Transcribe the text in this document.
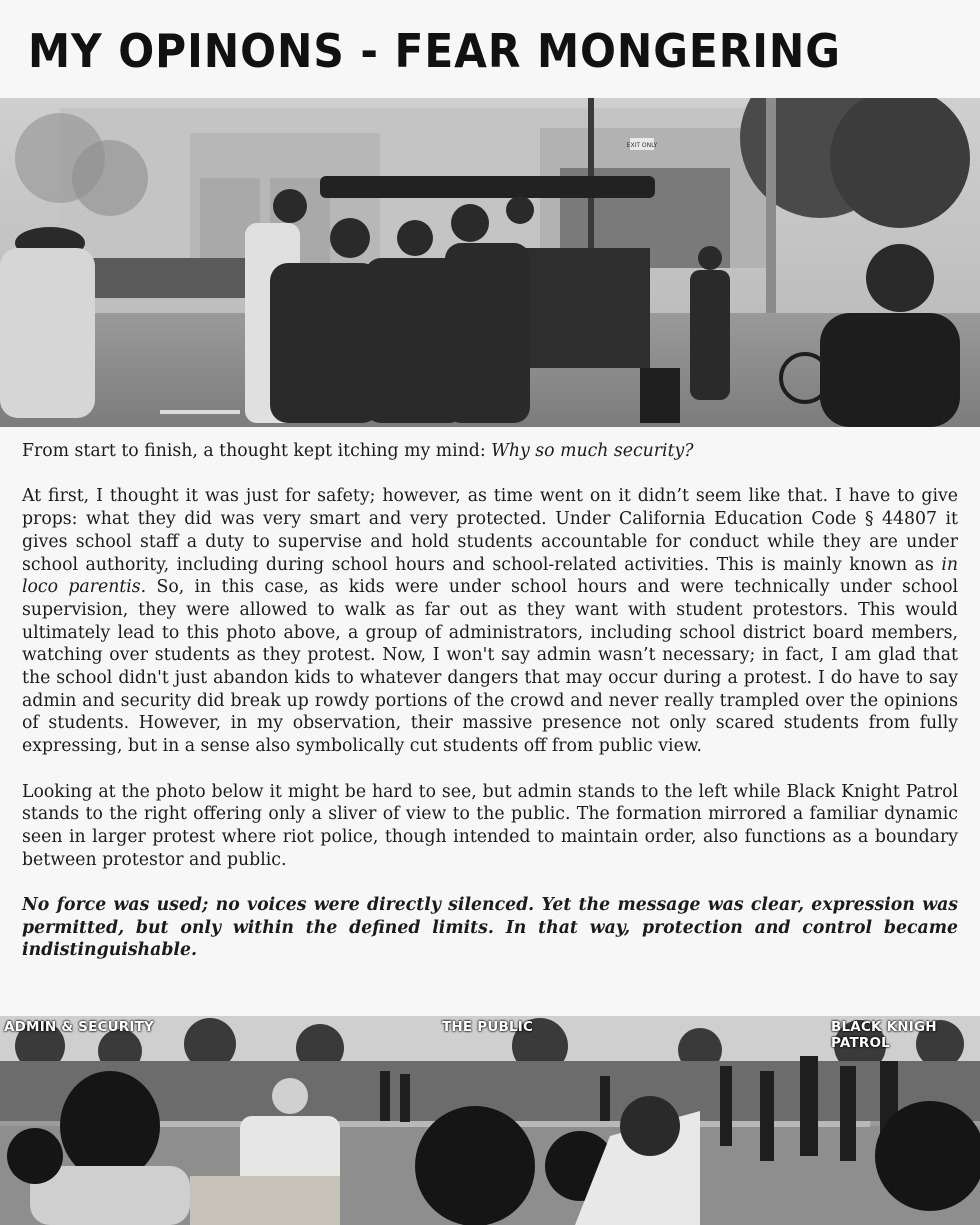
MY OPINONS - FEAR MONGERING
EXIT ONLY

From start to finish, a thought kept itching my mind: Why so much security?

At first, I thought it was just for safety; however, as time went on it didn’t seem like that. I have to give props: what they did was very smart and very protected. Under California Education Code § 44807 it gives school staff a duty to supervise and hold students accountable for conduct while they are under school authority, including during school hours and school-related activities. This is mainly known as in loco parentis. So, in this case, as kids were under school hours and were technically under school supervision, they were allowed to walk as far out as they want with student protestors. This would ultimately lead to this photo above, a group of administrators, including school district board members, watching over students as they protest. Now, I won't say admin wasn’t necessary; in fact, I am glad that the school didn't just abandon kids to whatever dangers that may occur during a protest. I do have to say admin and security did break up rowdy portions of the crowd and never really trampled over the opinions of students. However, in my observation, their massive presence not only scared students from fully expressing, but in a sense also symbolically cut students off from public view.

Looking at the photo below it might be hard to see, but admin stands to the left while Black Knight Patrol stands to the right offering only a sliver of view to the public. The formation mirrored a familiar dynamic seen in larger protest where riot police, though intended to maintain order, also functions as a boundary between protestor and public.

No force was used; no voices were directly silenced. Yet the message was clear, expression was permitted, but only within the defined limits. In that way, protection and control became indistinguishable.

ADMIN & SECURITY	THE PUBLIC	BLACK KNIGH PATROL
